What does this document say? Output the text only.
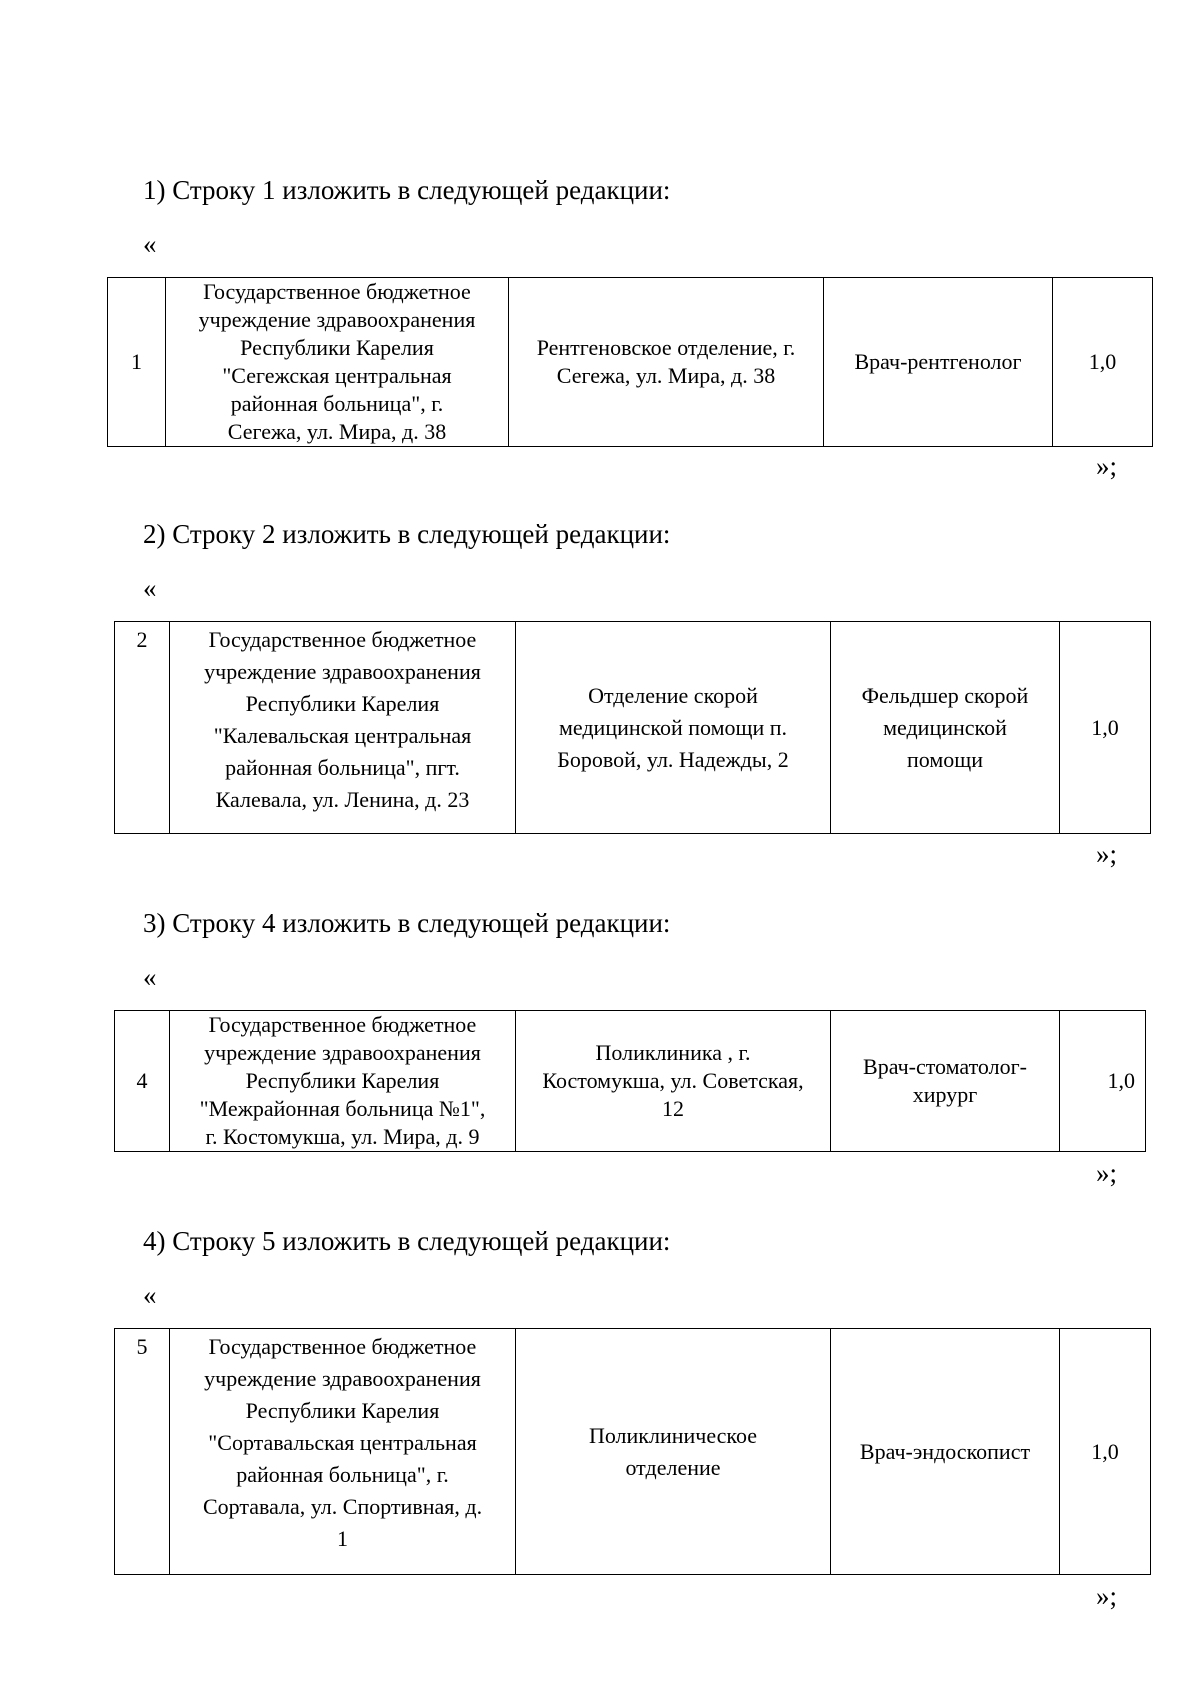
1) Строку 1 изложить в следующей редакции:
«
1	
Государственное бюджетное
учреждение здравоохранения
Республики Карелия
"Сегежская центральная
районная больница", г.
Сегежа, ул. Мира, д. 38

Рентгеновское отделение, г.
Сегежа, ул. Мира, д. 38

Врач-рентгенолог	1,0
»;
2) Строку 2 изложить в следующей редакции:
«
2	Государственное бюджетное
учреждение здравоохранения
Республики Карелия
"Калевальская центральная
районная больница", пгт.
Калевала, ул. Ленина, д. 23

Отделение скорой
медицинской помощи п.
Боровой, ул. Надежды, 2

Фельдшер скорой
медицинской
помощи
	1,0
»;
3) Строку 4 изложить в следующей редакции:
«
4	
Государственное бюджетное
учреждение здравоохранения
Республики Карелия
"Межрайонная больница №1",
г. Костомукша, ул. Мира, д. 9

Поликлиника , г.
Костомукша, ул. Советская,
12

Врач-стоматолог-
хирург
	1,0
»;
4) Строку 5 изложить в следующей редакции:
«
5	Государственное бюджетное
учреждение здравоохранения
Республики Карелия
"Сортавальская центральная
районная больница", г.
Сортавала, ул. Спортивная, д.
1

Поликлиническое
отделение

Врач-эндоскопист	1,0
»;
